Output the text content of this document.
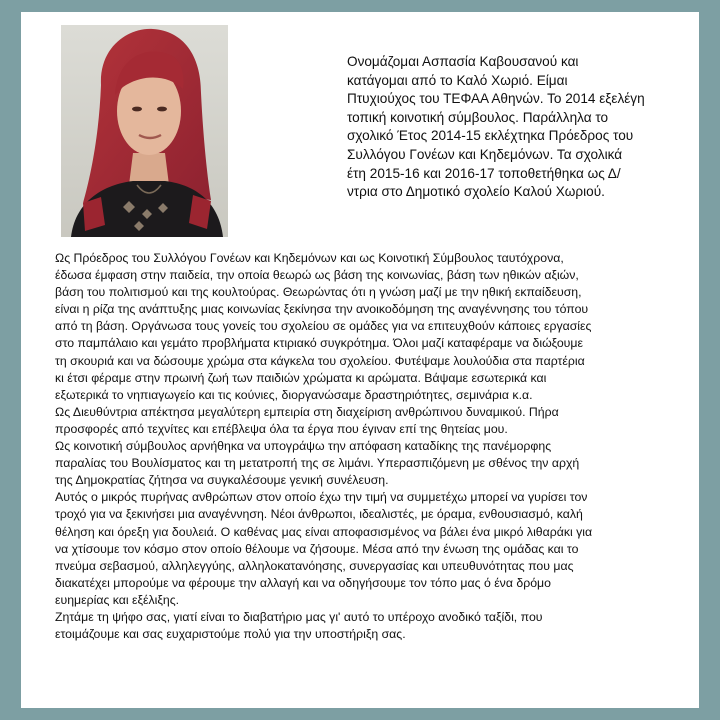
Ονομάζομαι Ασπασία Καβουσανού και
κατάγομαι από το Καλό Χωριό. Είμαι
Πτυχιούχος του ΤΕΦΑΑ Αθηνών. Το 2014 εξελέγη
τοπική κοινοτική σύμβουλος. Παράλληλα το
σχολικό Έτος 2014-15 εκλέχτηκα Πρόεδρος του
Συλλόγου Γονέων και Κηδεμόνων. Τα σχολικά
έτη 2015-16 και 2016-17 τοποθετήθηκα ως Δ/
ντρια στο Δημοτικό σχολείο Καλού Χωριού.
Ως Πρόεδρος του Συλλόγου Γονέων και Κηδεμόνων και ως Κοινοτική Σύμβουλος ταυτόχρονα,
έδωσα έμφαση στην παιδεία, την οποία θεωρώ ως βάση της κοινωνίας, βάση των ηθικών αξιών,
βάση του πολιτισμού και της κουλτούρας. Θεωρώντας ότι η γνώση μαζί με την ηθική εκπαίδευση,
είναι η ρίζα της ανάπτυξης μιας κοινωνίας ξεκίνησα την ανοικοδόμηση της αναγέννησης του τόπου
από τη βάση. Οργάνωσα τους γονείς του σχολείου σε ομάδες για να επιτευχθούν κάποιες εργασίες
στο παμπάλαιο και γεμάτο προβλήματα κτιριακό συγκρότημα. Όλοι μαζί καταφέραμε να διώξουμε
τη σκουριά και να δώσουμε χρώμα στα κάγκελα του σχολείου. Φυτέψαμε λουλούδια στα παρτέρια
κι έτσι φέραμε στην πρωινή ζωή των παιδιών χρώματα κι αρώματα. Βάψαμε εσωτερικά και
εξωτερικά το νηπιαγωγείο και τις κούνιες, διοργανώσαμε δραστηριότητες, σεμινάρια κ.α.
Ως Διευθύντρια απέκτησα μεγαλύτερη εμπειρία στη διαχείριση ανθρώπινου δυναμικού. Πήρα
προσφορές από τεχνίτες και επέβλεψα όλα τα έργα που έγιναν επί της θητείας μου.
Ως κοινοτική σύμβουλος αρνήθηκα να υπογράψω την απόφαση καταδίκης της πανέμορφης
παραλίας του Βουλίσματος και τη μετατροπή της σε λιμάνι. Υπερασπιζόμενη με σθένος την αρχή
της Δημοκρατίας ζήτησα να συγκαλέσουμε γενική συνέλευση.
Αυτός ο μικρός πυρήνας ανθρώπων στον οποίο έχω την τιμή να συμμετέχω μπορεί να γυρίσει τον
τροχό για να ξεκινήσει μια αναγέννηση. Νέοι άνθρωποι, ιδεαλιστές, με όραμα, ενθουσιασμό, καλή
θέληση και όρεξη για δουλειά. Ο καθένας μας είναι αποφασισμένος να βάλει ένα μικρό λιθαράκι για
να χτίσουμε τον κόσμο στον οποίο θέλουμε να ζήσουμε. Μέσα από την ένωση της ομάδας και το
πνεύμα σεβασμού, αλληλεγγύης, αλληλοκατανόησης, συνεργασίας και υπευθυνότητας που μας
διακατέχει μπορούμε να φέρουμε την αλλαγή και να οδηγήσουμε τον τόπο μας ό ένα δρόμο
ευημερίας και εξέλιξης.
Ζητάμε τη ψήφο σας, γιατί είναι το διαβατήριο μας γι' αυτό το υπέροχο ανοδικό ταξίδι, που
ετοιμάζουμε και σας ευχαριστούμε πολύ για την υποστήριξη σας.
